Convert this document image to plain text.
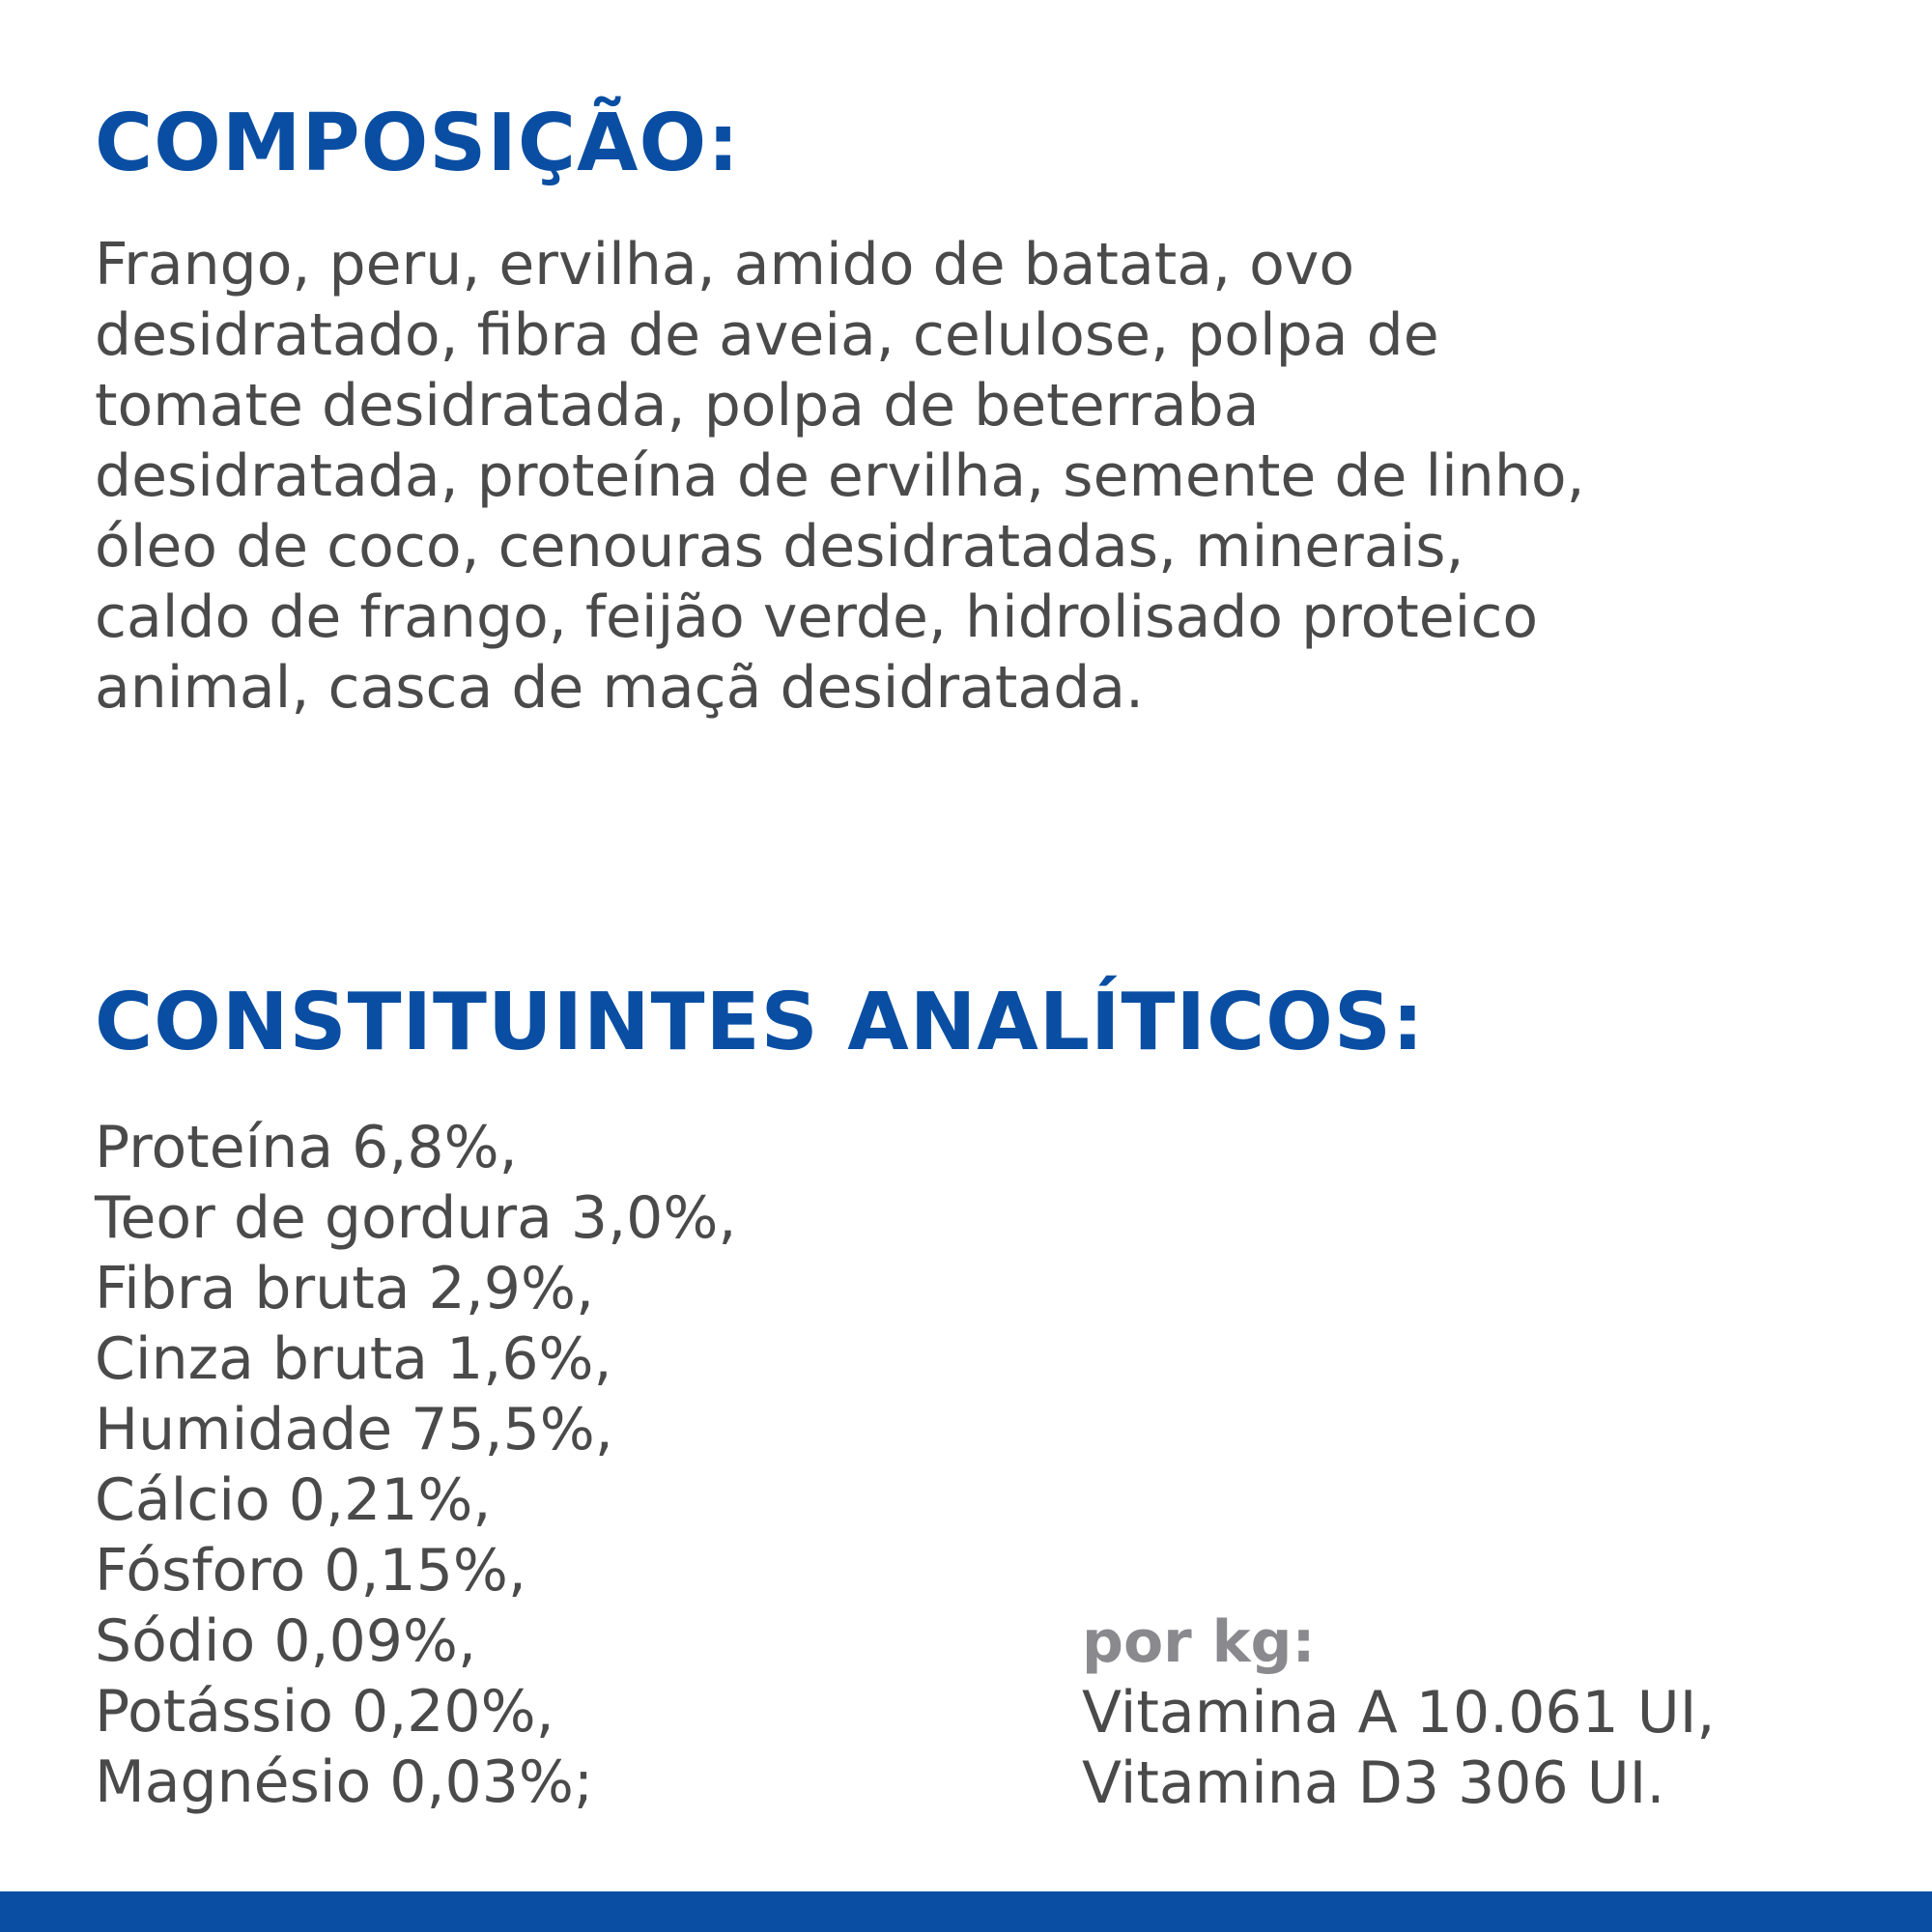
COMPOSIÇÃO:

Frango, peru, ervilha, amido de batata, ovo
desidratado, fibra de aveia, celulose, polpa de
tomate desidratada, polpa de beterraba
desidratada, proteína de ervilha, semente de linho,
óleo de coco, cenouras desidratadas, minerais,
caldo de frango, feijão verde, hidrolisado proteico
animal, casca de maçã desidratada.

CONSTITUINTES ANALÍTICOS:
Proteína 6,8%,
Teor de gordura 3,0%,
Fibra bruta 2,9%,
Cinza bruta 1,6%,
Humidade 75,5%,
Cálcio 0,21%,
Fósforo 0,15%,
Sódio 0,09%,
Potássio 0,20%,
Magnésio 0,03%;
por kg:
Vitamina A 10.061 UI,
Vitamina D3 306 UI.
